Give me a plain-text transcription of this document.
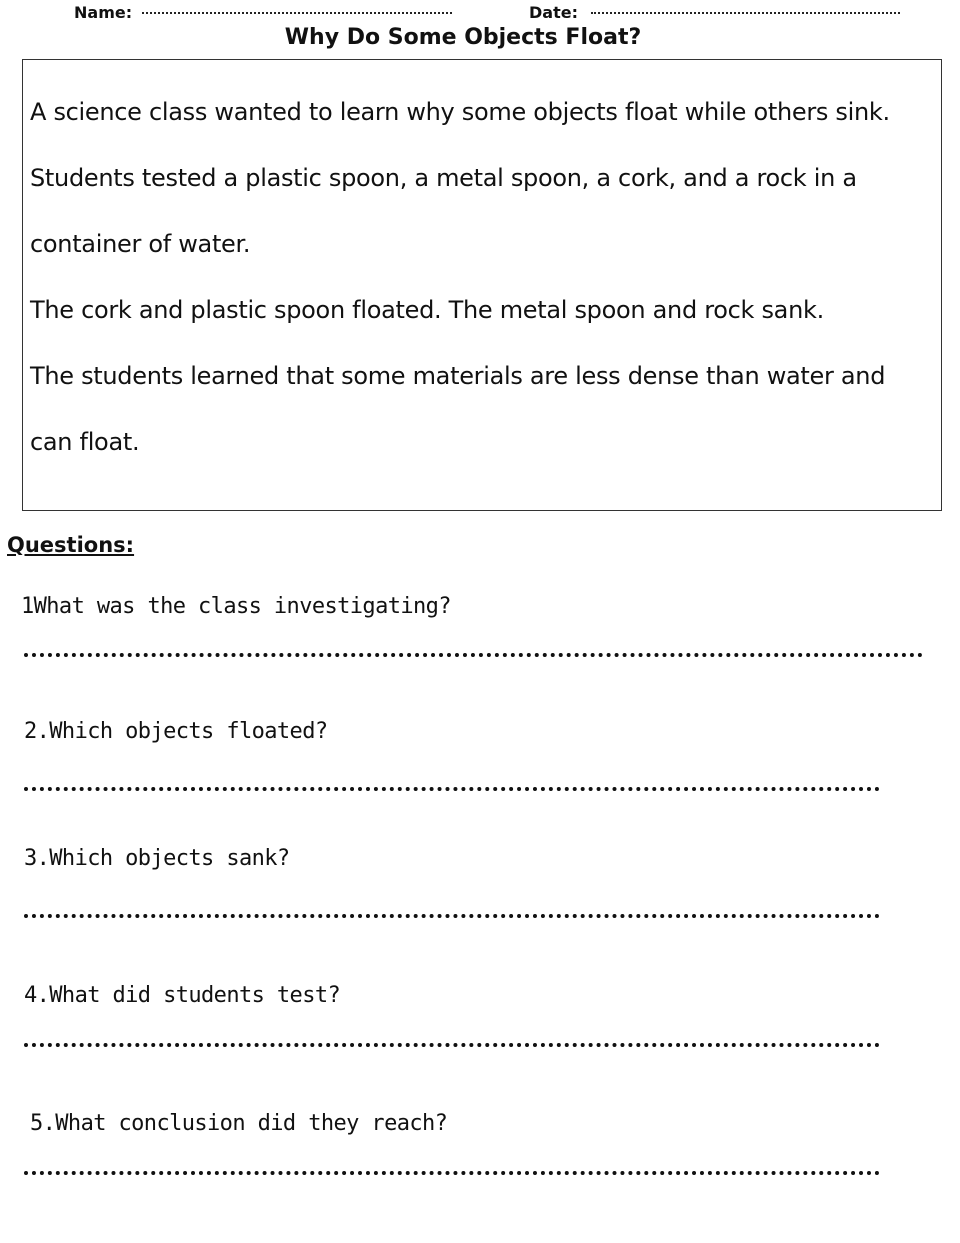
Name:	Date:
Why Do Some Objects Float?
A science class wanted to learn why some objects float while others sink.
Students tested a plastic spoon, a metal spoon, a cork, and a rock in a
container of water.
The cork and plastic spoon floated. The metal spoon and rock sank.
The students learned that some materials are less dense than water and
can float.
Questions:
1What was the class investigating?
2.Which objects floated?
3.Which objects sank?
4.What did students test?
5.What conclusion did they reach?
